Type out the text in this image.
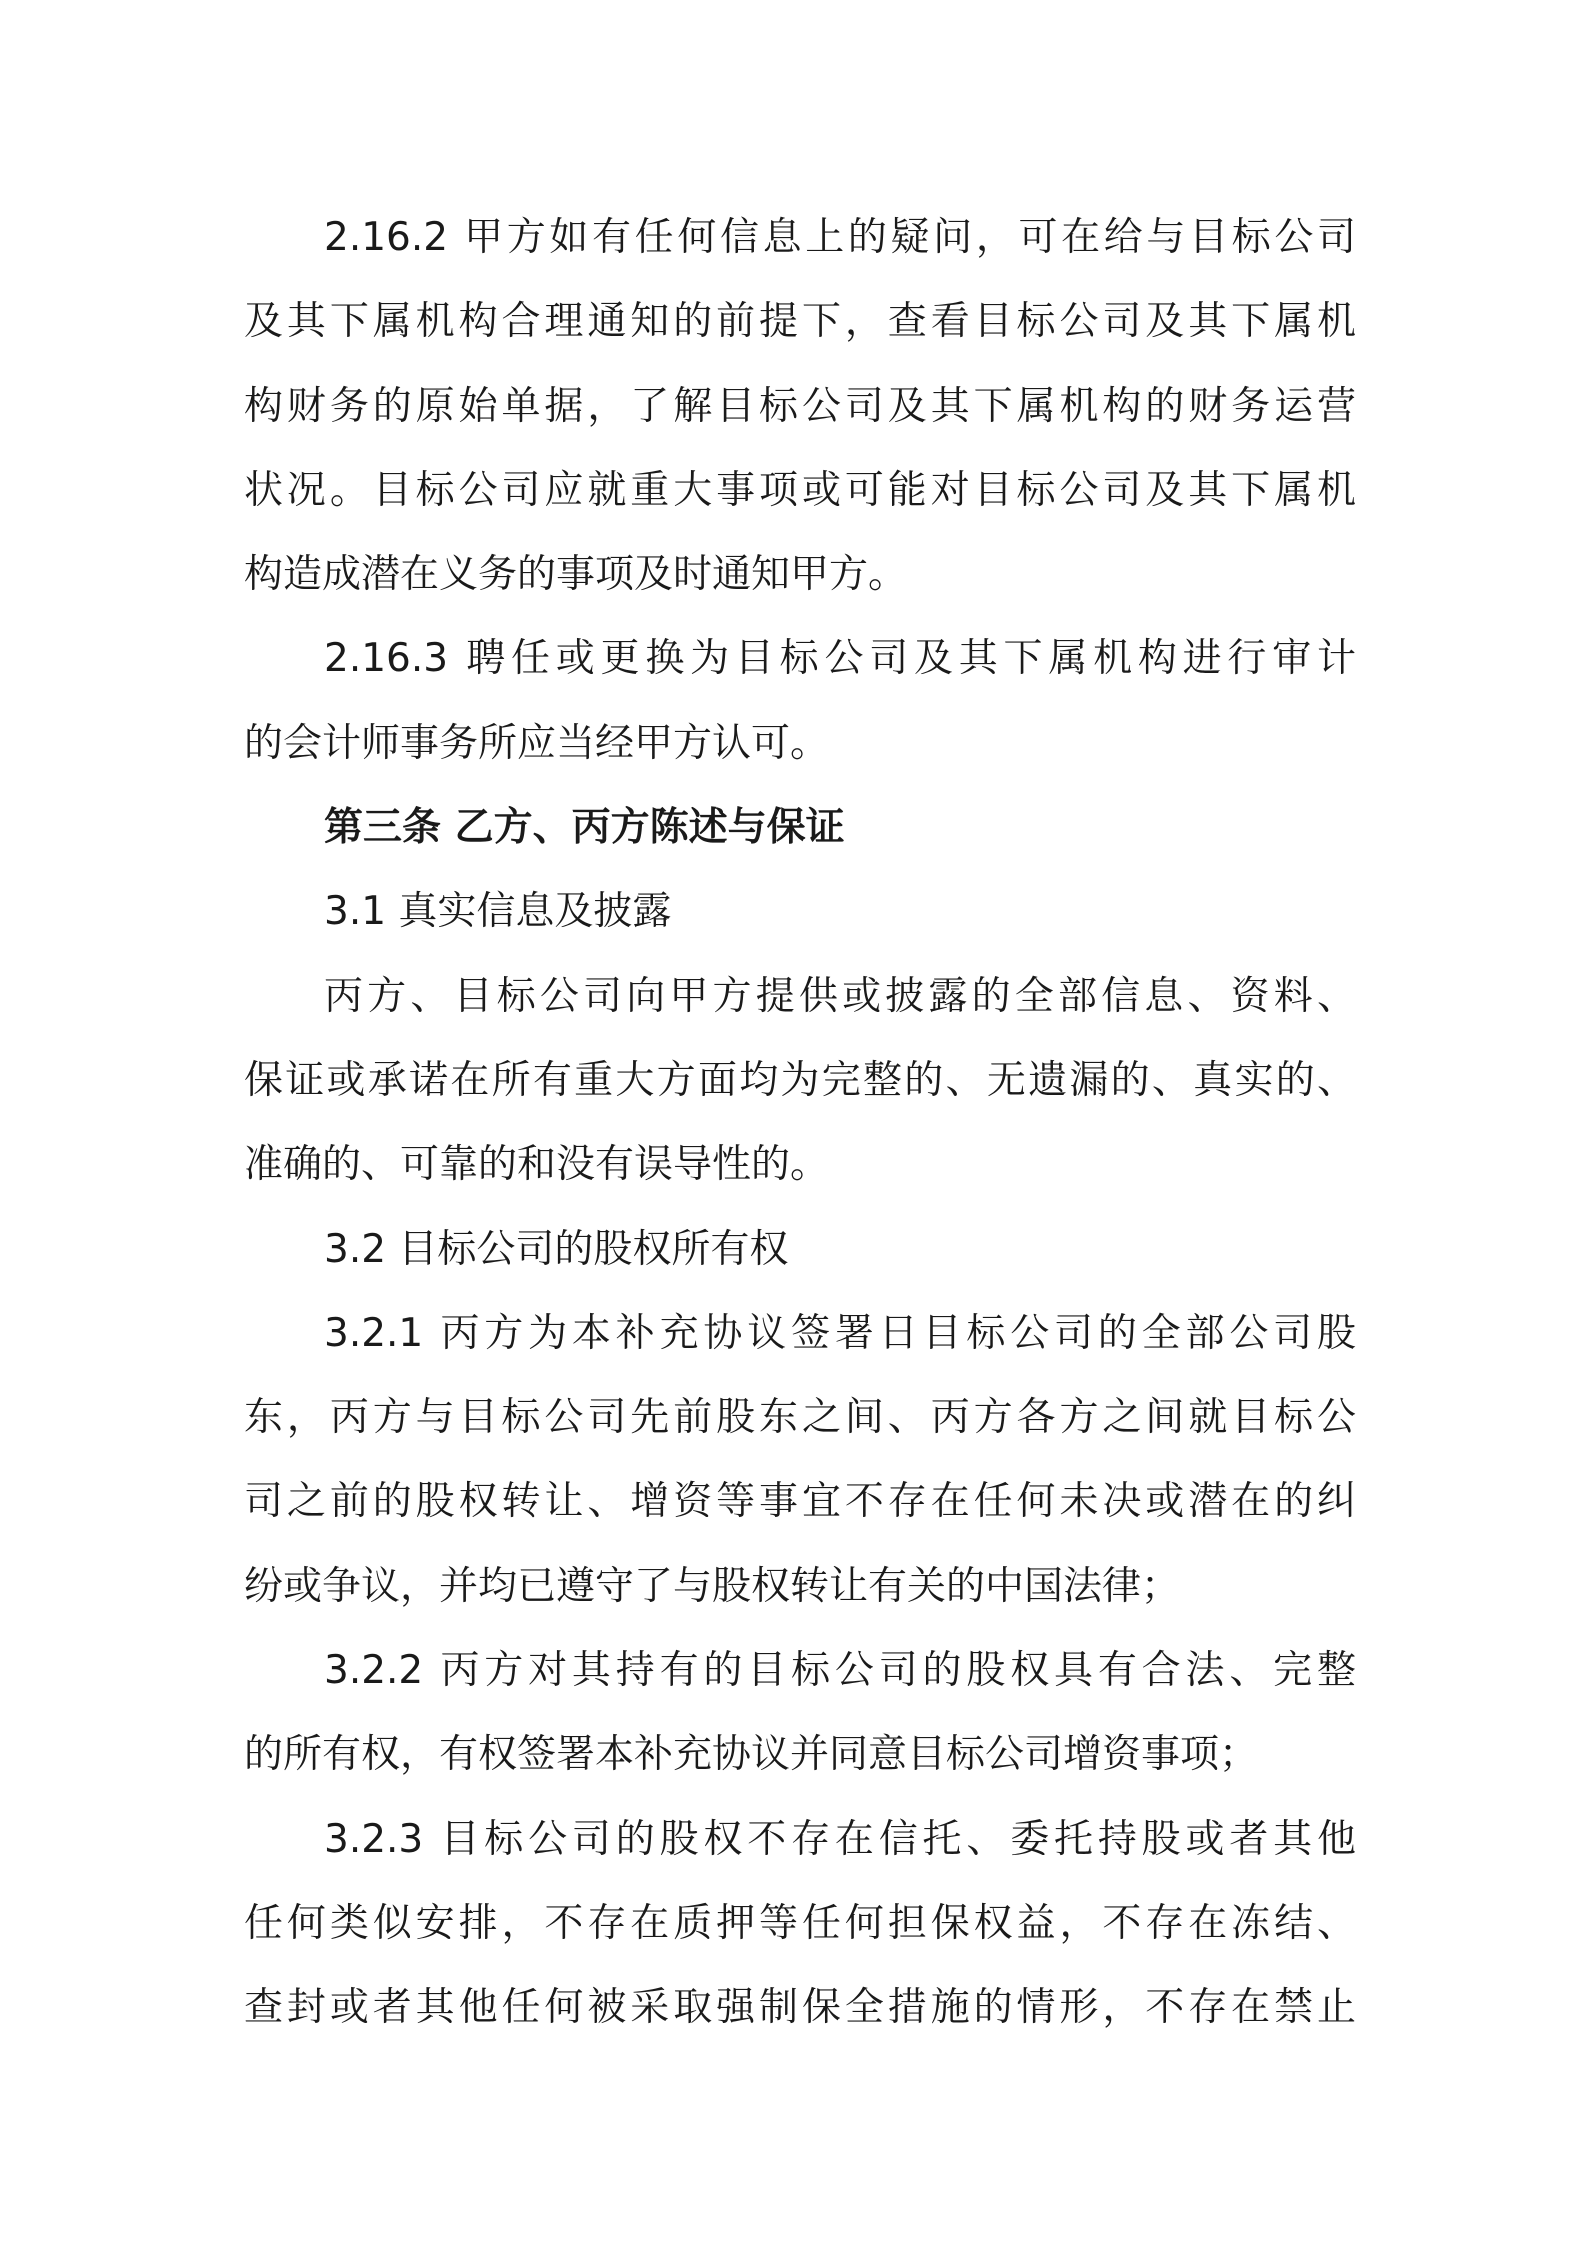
2.16.2 甲方如有任何信息上的疑问，可在给与目标公司
及其下属机构合理通知的前提下，查看目标公司及其下属机
构财务的原始单据，了解目标公司及其下属机构的财务运营
状况。目标公司应就重大事项或可能对目标公司及其下属机
构造成潜在义务的事项及时通知甲方。
2.16.3 聘任或更换为目标公司及其下属机构进行审计
的会计师事务所应当经甲方认可。
第三条 乙方、丙方陈述与保证
3.1 真实信息及披露
丙方、目标公司向甲方提供或披露的全部信息、资料、
保证或承诺在所有重大方面均为完整的、无遗漏的、真实的、
准确的、可靠的和没有误导性的。
3.2 目标公司的股权所有权
3.2.1 丙方为本补充协议签署日目标公司的全部公司股
东，丙方与目标公司先前股东之间、丙方各方之间就目标公
司之前的股权转让、增资等事宜不存在任何未决或潜在的纠
纷或争议，并均已遵守了与股权转让有关的中国法律；
3.2.2 丙方对其持有的目标公司的股权具有合法、完整
的所有权，有权签署本补充协议并同意目标公司增资事项；
3.2.3 目标公司的股权不存在信托、委托持股或者其他
任何类似安排，不存在质押等任何担保权益，不存在冻结、
查封或者其他任何被采取强制保全措施的情形，不存在禁止
